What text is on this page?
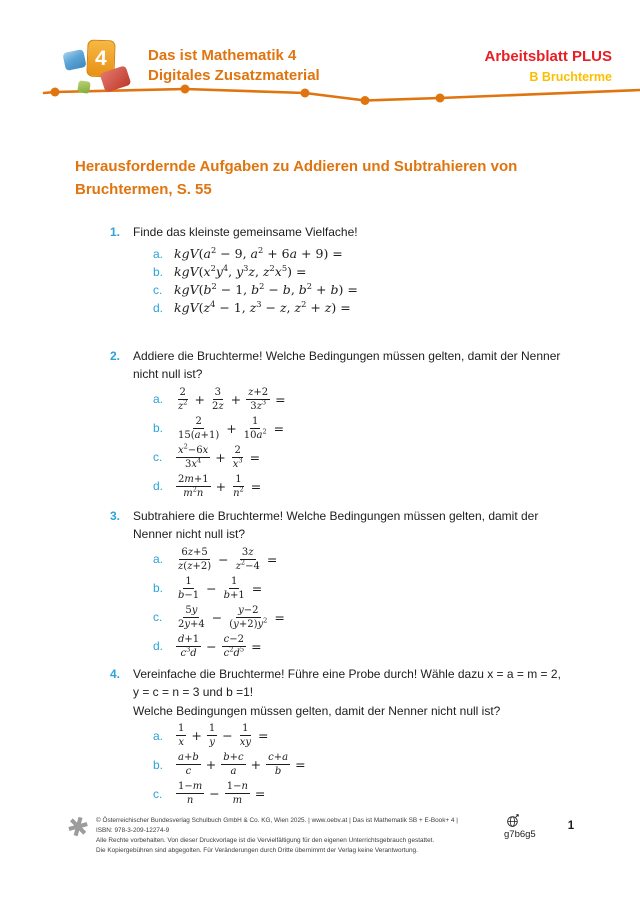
4	Das ist Mathematik 4
Digitales Zusatzmaterial
Arbeitsblatt PLUS
B Bruchterme
Herausfordernde Aufgaben zu Addieren und Subtrahieren von
Bruchtermen, S. 55
1.	Finde das kleinste gemeinsame Vielfache!
a. $kgV(a^2 - 9$, $a^2 + 6a + 9$) =
b. $kgV(x^2y^4$, $y^3z$, $z^2x^5$) =
c. $kgV(b^2 - 1$, $b^2 - b$, $b^2 + b$) =
d. $kgV(z^4 - 1$, $z^3 - z$, $z^2 + z$) =
2.	Addiere die Bruchterme! Welche Bedingungen müssen gelten, damit der Nenner
nicht null ist?
a.	$\frac{2}{z^2} + \frac{3}{2z} + \frac{z+2}{3z^3}$ =
b.	$\frac{2}{15(a+1)} + \frac{1}{10a^2}$ =
c.	$\frac{x^2-6x}{3x^4} + \frac{2}{x^3}$ =
d.	$\frac{2m+1}{m^2n} + \frac{1}{n^2}$ =
3.	Subtrahiere die Bruchterme! Welche Bedingungen müssen gelten, damit der
Nenner nicht null ist?
a.	$\frac{6z+5}{z(z+2)} - \frac{3z}{z^2-4}$ =
b.	$\frac{1}{b-1} - \frac{1}{b+1}$ =
c.	$\frac{5y}{2y+4} - \frac{y-2}{(y+2)y^2}$ =
d.	$\frac{d+1}{c^3d} - \frac{c-2}{c^2d^5}$ =
4.	Vereinfache die Bruchterme! Führe eine Probe durch! Wähle dazu x = a = m = 2,
y = c = n = 3 und b =1!
Welche Bedingungen müssen gelten, damit der Nenner nicht null ist?
a.	$\frac{1}{x} + \frac{1}{y} - \frac{1}{xy}$ =
b.	$\frac{a+b}{c} + \frac{b+c}{a} + \frac{c+a}{b}$ =
c.	$\frac{1-m}{n} - \frac{1-n}{m}$ =
✱ © Österreichischer Bundesverlag Schulbuch GmbH & Co. KG, Wien 2025. | www.oebv.at | Das ist Mathematik SB + E-Book+ 4 | ISBN: 978-3-209-12274-9
Alle Rechte vorbehalten. Von dieser Druckvorlage ist die Vervielfältigung für den eigenen Unterrichtsgebrauch gestattet.
Die Kopiergebühren sind abgegolten. Für Veränderungen durch Dritte übernimmt der Verlag keine Verantwortung.
g7b6g5
1
